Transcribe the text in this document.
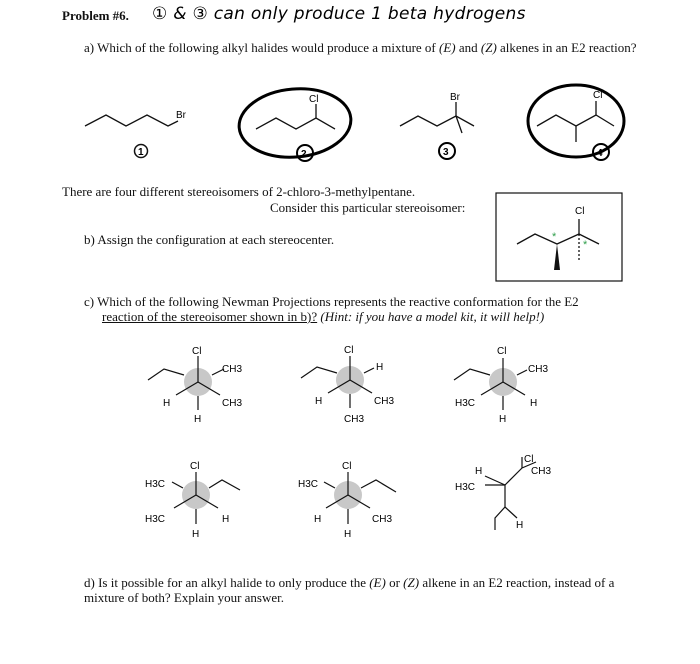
Problem #6. ① & ③ can only produce 1 beta hydrogens
a) Which of the following alkyl halides would produce a mixture of (E) and (Z) alkenes in an E2 reaction?
Br
1
Cl
2
Br
3
Cl
4
There are four different stereoisomers of 2-chloro-3-methylpentane.
Consider this particular stereoisomer:	Cl
*
*
b) Assign the configuration at each stereocenter.
c) Which of the following Newman Projections represents the reactive conformation for the E2
reaction of the stereoisomer shown in b)? (Hint: if you have a model kit, it will help!)
Cl
CH3
H	CH3
H
Cl
H
H	CH3
CH3
Cl
CH3
H3C	H
H
Cl
H3C
H3C	H
H
Cl
H3C
H	CH3
H
H
H3C
Cl
CH3
H
d) Is it possible for an alkyl halide to only produce the (E) or (Z) alkene in an E2 reaction, instead of a mixture of both? Explain your answer.
